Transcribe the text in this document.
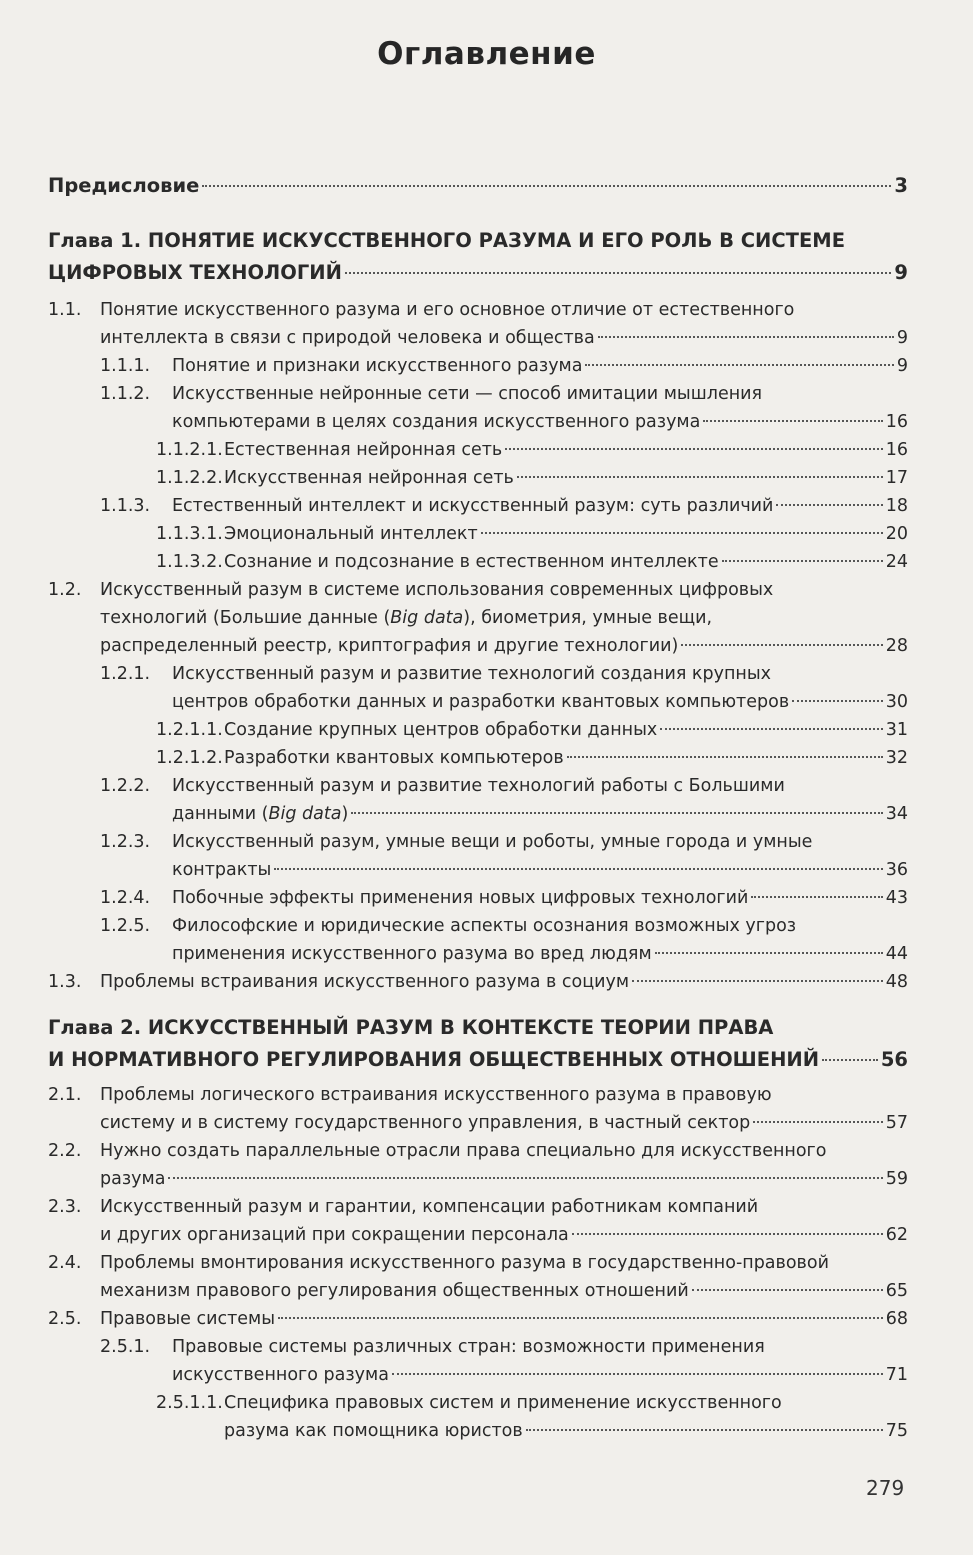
Оглавление
Предисловие	3
Глава 1. ПОНЯТИЕ ИСКУССТВЕННОГО РАЗУМА И ЕГО РОЛЬ В СИСТЕМЕ
ЦИФРОВЫХ ТЕХНОЛОГИЙ	9
1.1. Понятие искусственного разума и его основное отличие от естественного
интеллекта в связи с природой человека и общества	9
1.1.1. Понятие и признаки искусственного разума	9
1.1.2. Искусственные нейронные сети — способ имитации мышления
компьютерами в целях создания искусственного разума	16
1.1.2.1. Естественная нейронная сеть	16
1.1.2.2. Искусственная нейронная сеть	17
1.1.3. Естественный интеллект и искусственный разум: суть различий	18
1.1.3.1. Эмоциональный интеллект	20
1.1.3.2. Сознание и подсознание в естественном интеллекте	24
1.2. Искусственный разум в системе использования современных цифровых
технологий (Большие данные (Big data), биометрия, умные вещи,
распределенный реестр, криптография и другие технологии)	28
1.2.1. Искусственный разум и развитие технологий создания крупных
центров обработки данных и разработки квантовых компьютеров	30
1.2.1.1. Создание крупных центров обработки данных	31
1.2.1.2. Разработки квантовых компьютеров	32
1.2.2. Искусственный разум и развитие технологий работы с Большими
данными (Big data)	34
1.2.3. Искусственный разум, умные вещи и роботы, умные города и умные
контракты	36
1.2.4. Побочные эффекты применения новых цифровых технологий	43
1.2.5. Философские и юридические аспекты осознания возможных угроз
применения искусственного разума во вред людям	44
1.3. Проблемы встраивания искусственного разума в социум	48
Глава 2. ИСКУССТВЕННЫЙ РАЗУМ В КОНТЕКСТЕ ТЕОРИИ ПРАВА
И НОРМАТИВНОГО РЕГУЛИРОВАНИЯ ОБЩЕСТВЕННЫХ ОТНОШЕНИЙ	56
2.1. Проблемы логического встраивания искусственного разума в правовую
систему и в систему государственного управления, в частный сектор	57
2.2. Нужно создать параллельные отрасли права специально для искусственного
разума	59
2.3. Искусственный разум и гарантии, компенсации работникам компаний
и других организаций при сокращении персонала	62
2.4. Проблемы вмонтирования искусственного разума в государственно-правовой
механизм правового регулирования общественных отношений	65
2.5. Правовые системы	68
2.5.1. Правовые системы различных стран: возможности применения
искусственного разума	71
2.5.1.1. Специфика правовых систем и применение искусственного
разума как помощника юристов	75
279
